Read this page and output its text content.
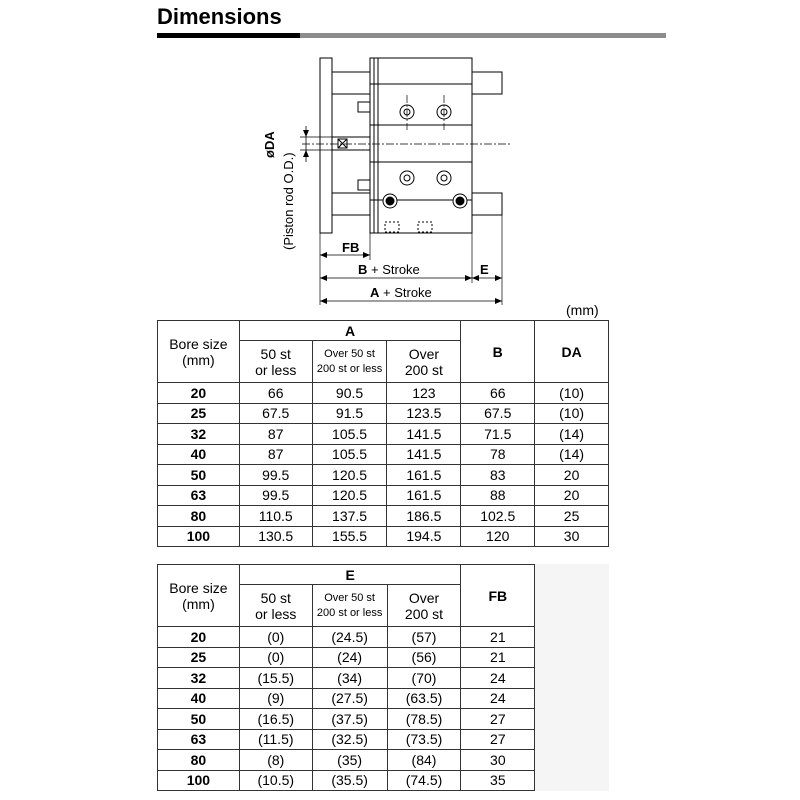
Dimensions
øDA
(Piston rod O.D.)	FB
B + Stroke	E
A + Stroke
(mm)
Bore size
(mm)	A			B	DA
	50 st
or less	Over 50 st
200 st or less	Over
200 st		
20	66	90.5	123	66	(10)
25	67.5	91.5	123.5	67.5	(10)
32	87	105.5	141.5	71.5	(14)
40	87	105.5	141.5	78	(14)
50	99.5	120.5	161.5	83	20
63	99.5	120.5	161.5	88	20
80	110.5	137.5	186.5	102.5	25
100	130.5	155.5	194.5	120	30
Bore size
(mm)	E			FB	
	50 st
or less	Over 50 st
200 st or less	Over
200 st		
20	(0)	(24.5)	(57)	21	
25	(0)	(24)	(56)	21	
32	(15.5)	(34)	(70)	24	
40	(9)	(27.5)	(63.5)	24	
50	(16.5)	(37.5)	(78.5)	27	
63	(11.5)	(32.5)	(73.5)	27	
80	(8)	(35)	(84)	30	
100	(10.5)	(35.5)	(74.5)	35	
